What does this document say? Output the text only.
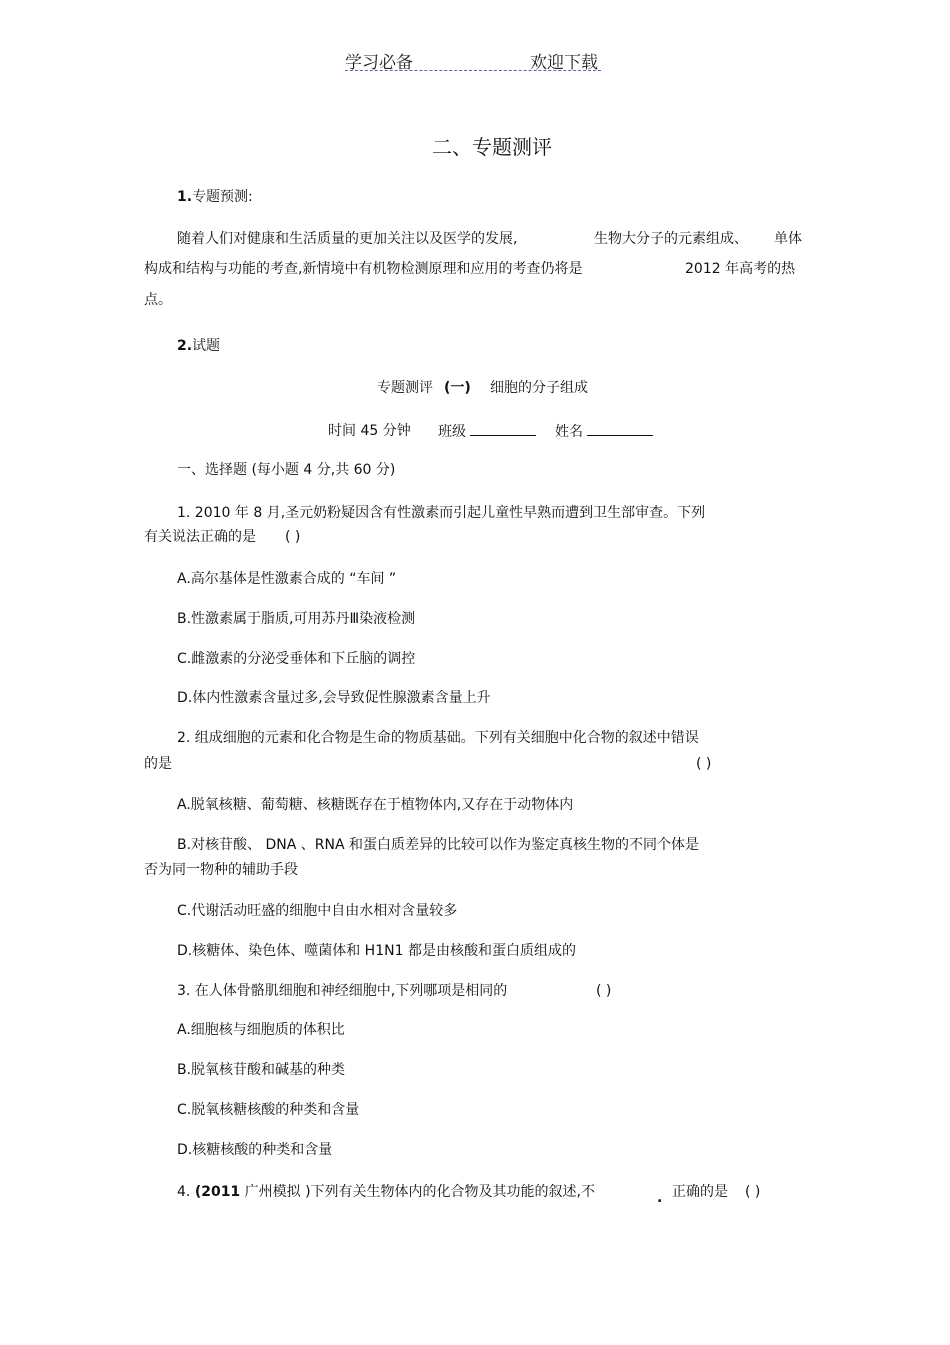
学习必备	欢迎下载
二、专题测评
1.专题预测:
随着人们对健康和生活质量的更加关注以及医学的发展,	生物大分子的元素组成、 单体
构成和结构与功能的考查,新情境中有机物检测原理和应用的考查仍将是	2012 年高考的热
点。
2.试题
专题测评 (一) 细胞的分子组成
时间 45 分钟 班级	姓名
一、选择题 (每小题 4 分,共 60 分)
1. 2010 年 8 月,圣元奶粉疑因含有性激素而引起儿童性早熟而遭到卫生部审查。下列
有关说法正确的是 ( )
A.高尔基体是性激素合成的 “车间 ”
B.性激素属于脂质,可用苏丹Ⅲ染液检测
C.雌激素的分泌受垂体和下丘脑的调控
D.体内性激素含量过多,会导致促性腺激素含量上升
2. 组成细胞的元素和化合物是生命的物质基础。下列有关细胞中化合物的叙述中错误
的是	( )
A.脱氧核糖、葡萄糖、核糖既存在于植物体内,又存在于动物体内
B.对核苷酸、 DNA 、RNA 和蛋白质差异的比较可以作为鉴定真核生物的不同个体是
否为同一物种的辅助手段
C.代谢活动旺盛的细胞中自由水相对含量较多
D.核糖体、染色体、噬菌体和 H1N1 都是由核酸和蛋白质组成的
3. 在人体骨骼肌细胞和神经细胞中,下列哪项是相同的	( )
A.细胞核与细胞质的体积比
B.脱氧核苷酸和碱基的种类
C.脱氧核糖核酸的种类和含量
D.核糖核酸的种类和含量
4. (2011 广州模拟 )下列有关生物体内的化合物及其功能的叙述,不	. 正确的是 ( )
